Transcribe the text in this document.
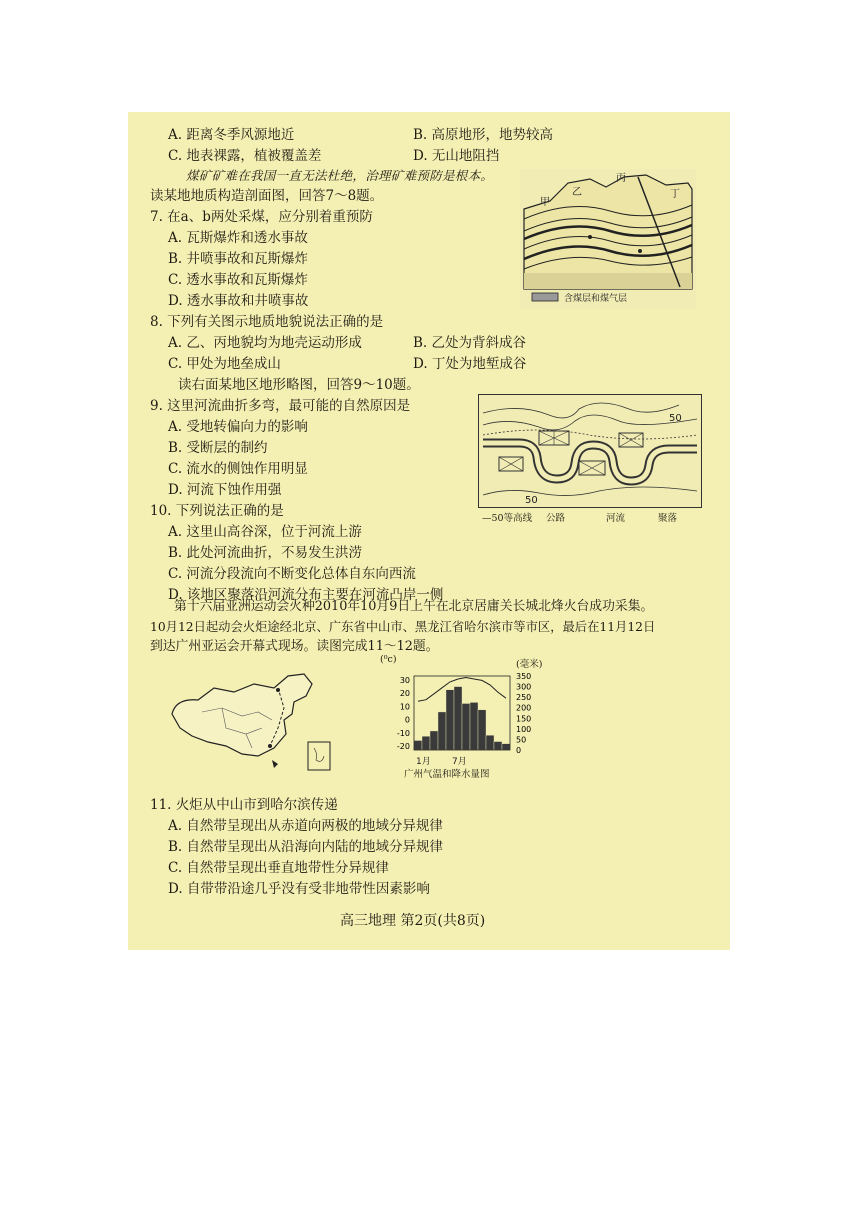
A. 距离冬季风源地近	B. 高原地形，地势较高
C. 地表裸露，植被覆盖差	D. 无山地阻挡
煤矿矿难在我国一直无法杜绝，治理矿难预防是根本。
读某地地质构造剖面图，回答7～8题。
7. 在a、b两处采煤，应分别着重预防
A. 瓦斯爆炸和透水事故
B. 井喷事故和瓦斯爆炸
C. 透水事故和瓦斯爆炸
D. 透水事故和井喷事故
8. 下列有关图示地质地貌说法正确的是
A. 乙、丙地貌均为地壳运动形成	B. 乙处为背斜成谷
C. 甲处为地垒成山	D. 丁处为地堑成谷
甲
乙
丙
丁
含煤层和煤气层
读右面某地区地形略图，回答9～10题。
9. 这里河流曲折多弯，最可能的自然原因是
A. 受地转偏向力的影响
B. 受断层的制约
C. 流水的侧蚀作用明显
D. 河流下蚀作用强
10. 下列说法正确的是
A. 这里山高谷深，位于河流上游
B. 此处河流曲折，不易发生洪涝
C. 河流分段流向不断变化总体自东向西流
D. 该地区聚落沿河流分布主要在河流凸岸一侧
50
50
—50等高线 公路	河流	聚落
第十六届亚洲运动会火种2010年10月9日上午在北京居庸关长城北烽火台成功采集。
10月12日起动会火炬途经北京、广东省中山市、黑龙江省哈尔滨市等市区，最后在11月12日
到达广州亚运会开幕式现场。读图完成11～12题。
(⁰c)	(毫米)
30
20
10
0
-10
-20
350
300
250
200
150
100
50
0
1月 7月
广州气温和降水量图
11. 火炬从中山市到哈尔滨传递
A. 自然带呈现出从赤道向两极的地域分异规律
B. 自然带呈现出从沿海向内陆的地域分异规律
C. 自然带呈现出垂直地带性分异规律
D. 自带带沿途几乎没有受非地带性因素影响
高三地理 第2页(共8页)
